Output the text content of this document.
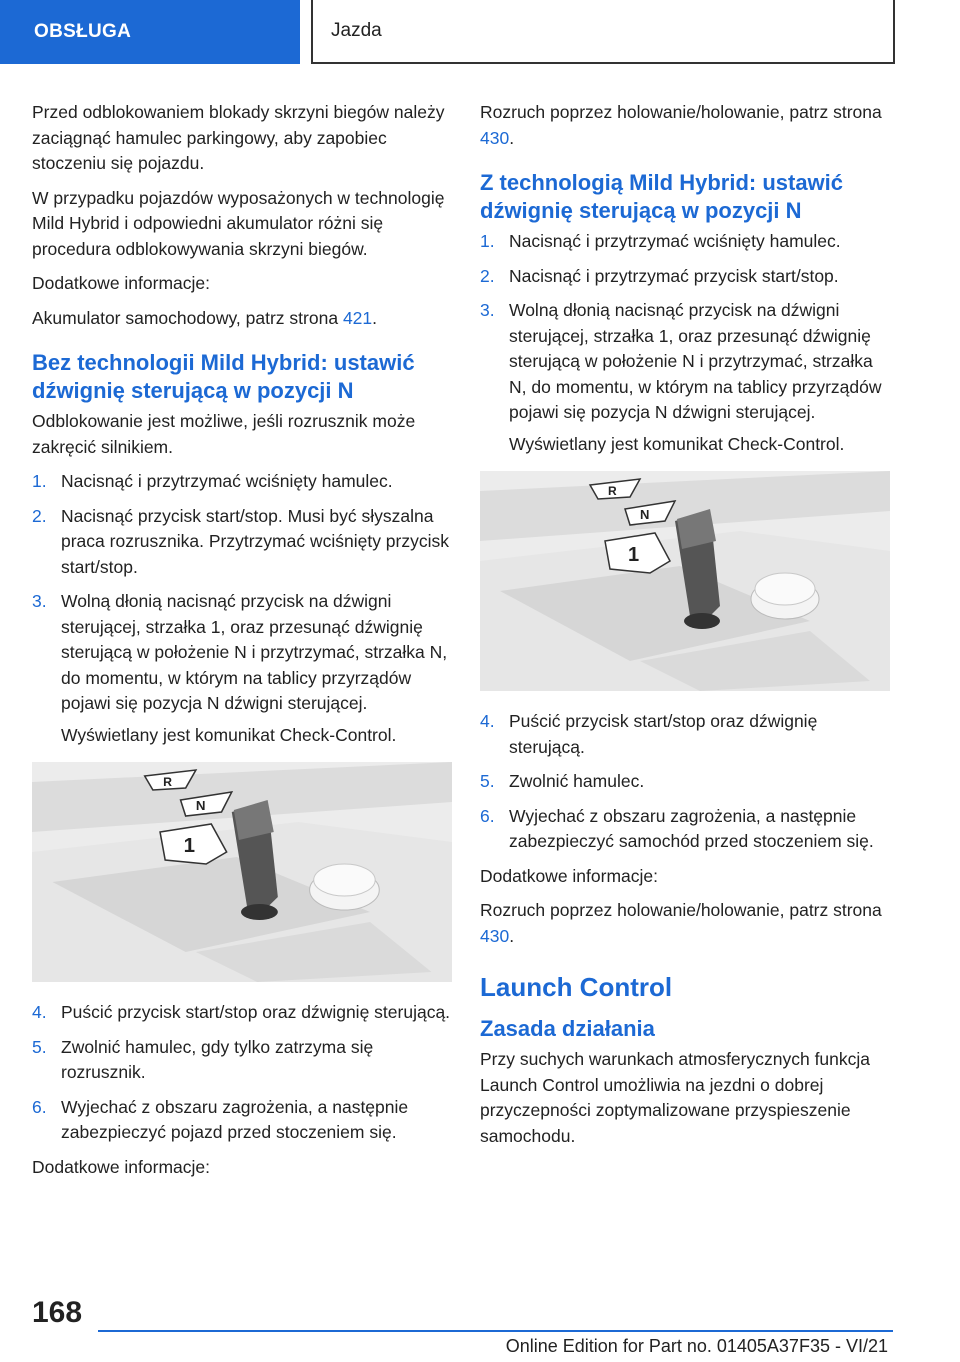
OBSŁUGA	Jazda

Przed odblokowaniem blokady skrzyni biegów należy zaciągnąć hamulec parkingowy, aby zapobiec stoczeniu się pojazdu.

W przypadku pojazdów wyposażonych w technologię Mild Hybrid i odpowiedni akumulator różni się procedura odblokowywania skrzyni biegów.

Dodatkowe informacje:

Akumulator samochodowy, patrz strona 421.

Bez technologii Mild Hybrid: ustawić dźwignię sterującą w pozycji N

Odblokowanie jest możliwe, jeśli rozrusznik może zakręcić silnikiem.

1. Nacisnąć i przytrzymać wciśnięty hamulec.
2. Nacisnąć przycisk start/stop. Musi być słyszalna praca rozrusznika. Przytrzymać wciśnięty przycisk start/stop.
3. Wolną dłonią nacisnąć przycisk na dźwigni sterującej, strzałka 1, oraz przesunąć dźwignię sterującą w położenie N i przytrzymać, strzałka N, do momentu, w którym na tablicy przyrządów pojawi się pozycja N dźwigni sterującej.
Wyświetlany jest komunikat Check-Control.
R
N
1
4. Puścić przycisk start/stop oraz dźwignię sterującą.
5. Zwolnić hamulec, gdy tylko zatrzyma się rozrusznik.
6. Wyjechać z obszaru zagrożenia, a następnie zabezpieczyć pojazd przed stoczeniem się.

Dodatkowe informacje:

Rozruch poprzez holowanie/holowanie, patrz strona 430.

Z technologią Mild Hybrid: ustawić dźwignię sterującą w pozycji N
1. Nacisnąć i przytrzymać wciśnięty hamulec.
2. Nacisnąć i przytrzymać przycisk start/stop.
3. Wolną dłonią nacisnąć przycisk na dźwigni sterującej, strzałka 1, oraz przesunąć dźwignię sterującą w położenie N i przytrzymać, strzałka N, do momentu, w którym na tablicy przyrządów pojawi się pozycja N dźwigni sterującej.
Wyświetlany jest komunikat Check-Control.
R
N
1
4. Puścić przycisk start/stop oraz dźwignię sterującą.
5. Zwolnić hamulec.
6. Wyjechać z obszaru zagrożenia, a następnie zabezpieczyć samochód przed stoczeniem się.

Dodatkowe informacje:

Rozruch poprzez holowanie/holowanie, patrz strona 430.

Launch Control
Zasada działania

Przy suchych warunkach atmosferycznych funkcja Launch Control umożliwia na jezdni o dobrej przyczepności zoptymalizowane przyspieszenie samochodu.

168
Online Edition for Part no. 01405A37F35 - VI/21
